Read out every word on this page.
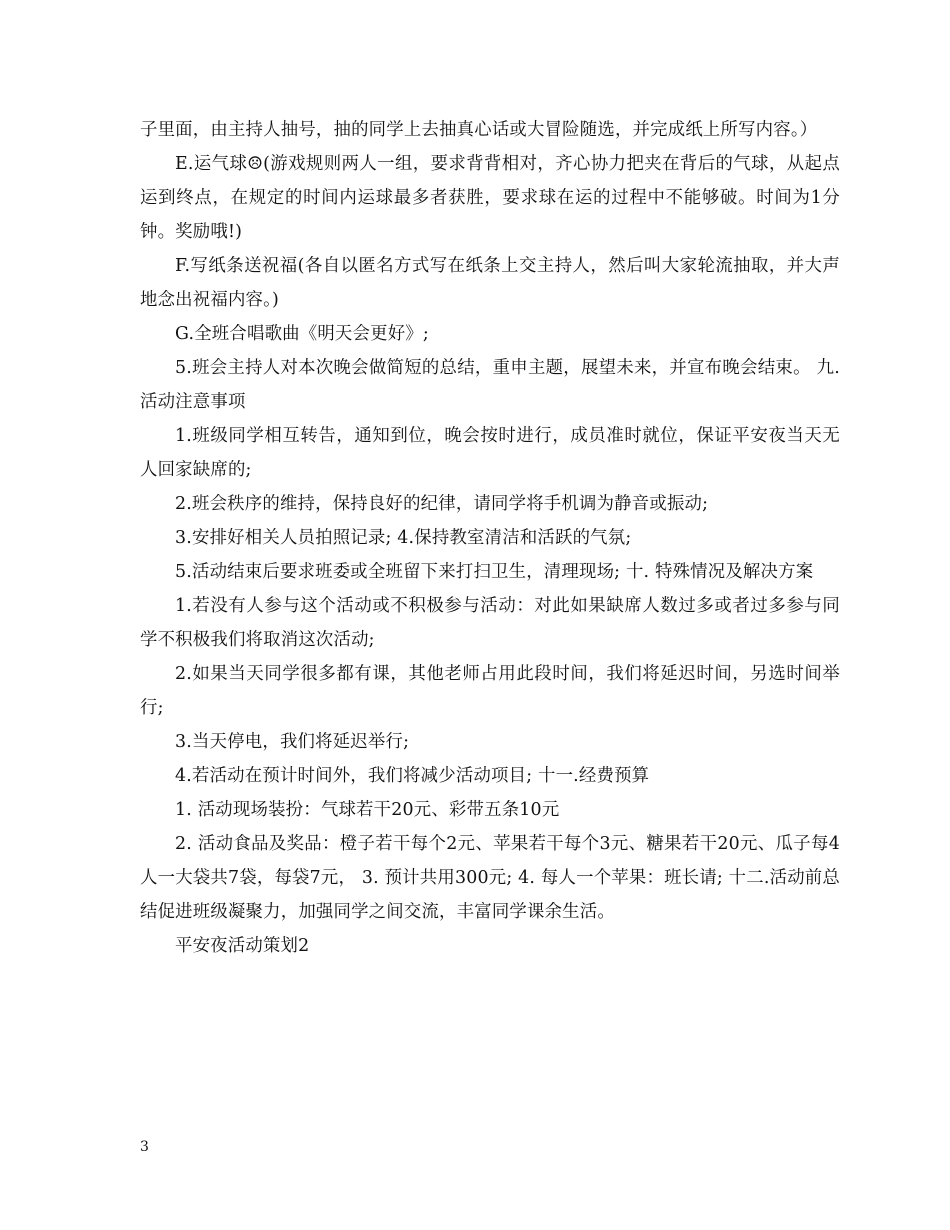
子里面，由主持人抽号，抽的同学上去抽真心话或大冒险随选，并完成纸上所写内容。）

E.运气球☹(游戏规则两人一组，要求背背相对，齐心协力把夹在背后的气球，从起点运到终点，在规定的时间内运球最多者获胜，要求球在运的过程中不能够破。时间为1分钟。奖励哦!)

F.写纸条送祝福(各自以匿名方式写在纸条上交主持人，然后叫大家轮流抽取，并大声地念出祝福内容。)

G.全班合唱歌曲《明天会更好》;

5.班会主持人对本次晚会做简短的总结，重申主题，展望未来，并宣布晚会结束。 九. 活动注意事项

1.班级同学相互转告，通知到位，晚会按时进行，成员准时就位，保证平安夜当天无人回家缺席的;

2.班会秩序的维持，保持良好的纪律，请同学将手机调为静音或振动;

3.安排好相关人员拍照记录; 4.保持教室清洁和活跃的气氛;

5.活动结束后要求班委或全班留下来打扫卫生，清理现场; 十. 特殊情况及解决方案

1.若没有人参与这个活动或不积极参与活动：对此如果缺席人数过多或者过多参与同学不积极我们将取消这次活动;

2.如果当天同学很多都有课，其他老师占用此段时间，我们将延迟时间，另选时间举行;

3.当天停电，我们将延迟举行;

4.若活动在预计时间外，我们将减少活动项目; 十一.经费预算

1. 活动现场装扮：气球若干20元、彩带五条10元

2. 活动食品及奖品：橙子若干每个2元、苹果若干每个3元、糖果若干20元、瓜子每4人一大袋共7袋，每袋7元， 3. 预计共用300元; 4. 每人一个苹果：班长请; 十二.活动前总结促进班级凝聚力，加强同学之间交流，丰富同学课余生活。

平安夜活动策划2

3
